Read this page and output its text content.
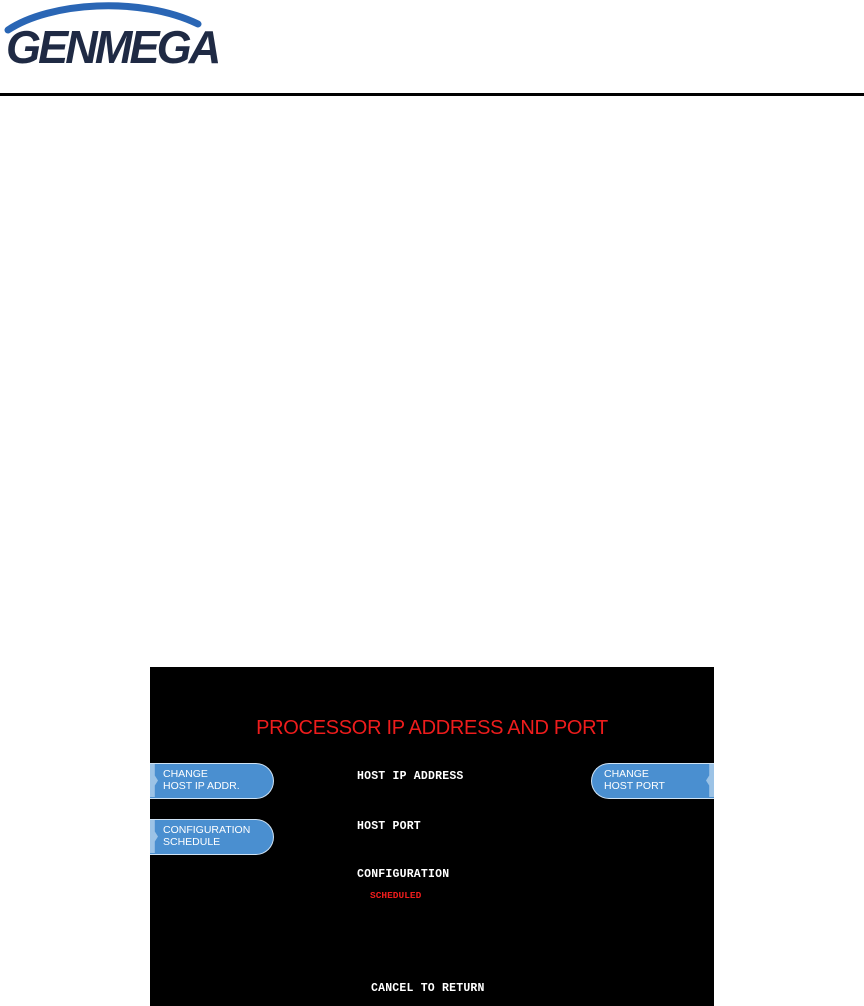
GENMEGA
PROCESSOR IP ADDRESS AND PORT
CHANGE
HOST IP ADDR.
CONFIGURATION
SCHEDULE
CHANGE
HOST PORT
HOST IP ADDRESS
HOST PORT
CONFIGURATION
SCHEDULED
CANCEL TO RETURN
